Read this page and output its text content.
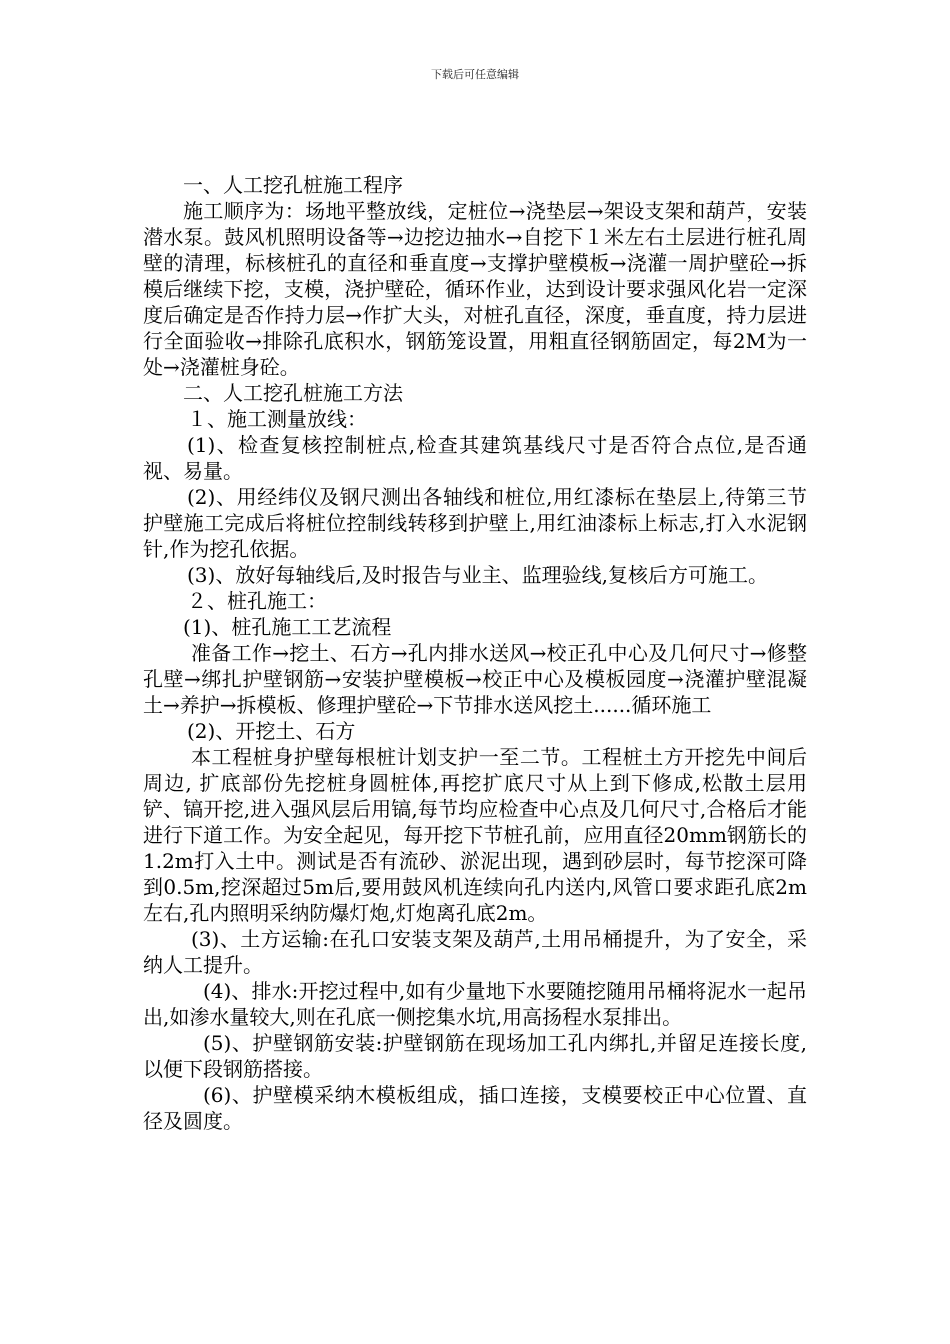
下载后可任意编辑

一、人工挖孔桩施工程序

施工顺序为：场地平整放线，定桩位→浇垫层→架设支架和葫芦，安装潜水泵。鼓风机照明设备等→边挖边抽水→自挖下１米左右土层进行桩孔周壁的清理，标核桩孔的直径和垂直度→支撑护壁模板→浇灌一周护壁砼→拆模后继续下挖，支模，浇护壁砼，循环作业，达到设计要求强风化岩一定深度后确定是否作持力层→作扩大头，对桩孔直径，深度，垂直度，持力层进行全面验收→排除孔底积水，钢筋笼设置，用粗直径钢筋固定，每2M为一处→浇灌桩身砼。

二、人工挖孔桩施工方法

１、施工测量放线：

(1)、检查复核控制桩点,检查其建筑基线尺寸是否符合点位,是否通视、易量。

(2)、用经纬仪及钢尺测出各轴线和桩位,用红漆标在垫层上,待第三节护壁施工完成后将桩位控制线转移到护壁上,用红油漆标上标志,打入水泥钢针,作为挖孔依据。

(3)、放好每轴线后,及时报告与业主、监理验线,复核后方可施工。

２、桩孔施工：

(1)、桩孔施工工艺流程

准备工作→挖土、石方→孔内排水送风→校正孔中心及几何尺寸→修整孔壁→绑扎护壁钢筋→安装护壁模板→校正中心及模板园度→浇灌护壁混凝土→养护→拆模板、修理护壁砼→下节排水送风挖土......循环施工

(2)、开挖土、石方

本工程桩身护壁每根桩计划支护一至二节。工程桩土方开挖先中间后周边, 扩底部份先挖桩身圆桩体,再挖扩底尺寸从上到下修成,松散土层用铲、镐开挖,进入强风层后用镐,每节均应检查中心点及几何尺寸,合格后才能进行下道工作。为安全起见，每开挖下节桩孔前，应用直径20mm钢筋长的1.2m打入土中。测试是否有流砂、淤泥出现，遇到砂层时，每节挖深可降到0.5m,挖深超过5m后,要用鼓风机连续向孔内送内,风管口要求距孔底2m左右,孔内照明采纳防爆灯炮,灯炮离孔底2m。

(3)、土方运输:在孔口安装支架及葫芦,土用吊桶提升，为了安全，采纳人工提升。

(4)、排水:开挖过程中,如有少量地下水要随挖随用吊桶将泥水一起吊出,如渗水量较大,则在孔底一侧挖集水坑,用高扬程水泵排出。

(5)、护壁钢筋安装:护壁钢筋在现场加工孔内绑扎,并留足连接长度,以便下段钢筋搭接。

(6)、护壁模采纳木模板组成，插口连接，支模要校正中心位置、直径及圆度。
